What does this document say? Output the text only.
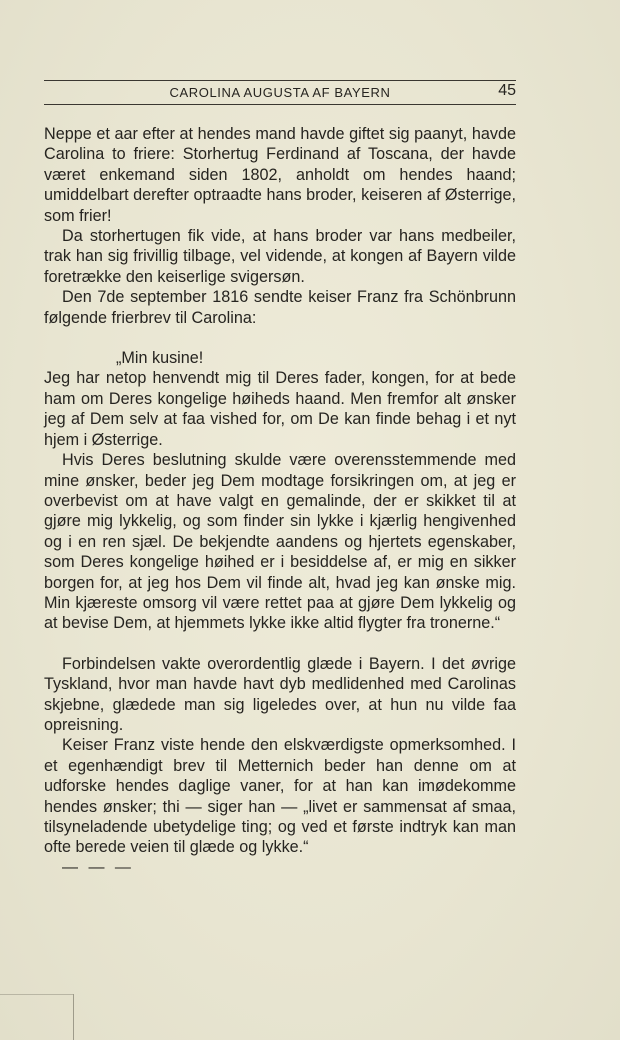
CAROLINA AUGUSTA AF BAYERN	45

Neppe et aar efter at hendes mand havde giftet sig paanyt, havde Carolina to friere: Storhertug Ferdinand af Toscana, der havde været enkemand siden 1802, anholdt om hendes haand; umiddelbart derefter optraadte hans broder, keiseren af Østerrige, som frier!

Da storhertugen fik vide, at hans broder var hans medbeiler, trak han sig frivillig tilbage, vel vidende, at kongen af Bayern vilde foretrække den keiserlige svigersøn.

Den 7de september 1816 sendte keiser Franz fra Schönbrunn følgende frierbrev til Carolina:

„Min kusine!

Jeg har netop henvendt mig til Deres fader, kongen, for at bede ham om Deres kongelige høiheds haand. Men fremfor alt ønsker jeg af Dem selv at faa vished for, om De kan finde behag i et nyt hjem i Østerrige.

Hvis Deres beslutning skulde være overensstemmende med mine ønsker, beder jeg Dem modtage forsikringen om, at jeg er overbevist om at have valgt en gemalinde, der er skikket til at gjøre mig lykkelig, og som finder sin lykke i kjærlig hengivenhed og i en ren sjæl. De bekjendte aandens og hjertets egenskaber, som Deres kongelige høihed er i besiddelse af, er mig en sikker borgen for, at jeg hos Dem vil finde alt, hvad jeg kan ønske mig. Min kjæreste omsorg vil være rettet paa at gjøre Dem lykkelig og at bevise Dem, at hjemmets lykke ikke altid flygter fra tronerne.“

Forbindelsen vakte overordentlig glæde i Bayern. I det øvrige Tyskland, hvor man havde havt dyb medlidenhed med Carolinas skjebne, glædede man sig ligeledes over, at hun nu vilde faa opreisning.

Keiser Franz viste hende den elskværdigste opmerksomhed. I et egenhændigt brev til Metternich beder han denne om at udforske hendes daglige vaner, for at han kan imødekomme hendes ønsker; thi — siger han — „livet er sammensat af smaa, tilsyneladende ubetydelige ting; og ved et første indtryk kan man ofte berede veien til glæde og lykke.“

— — —
